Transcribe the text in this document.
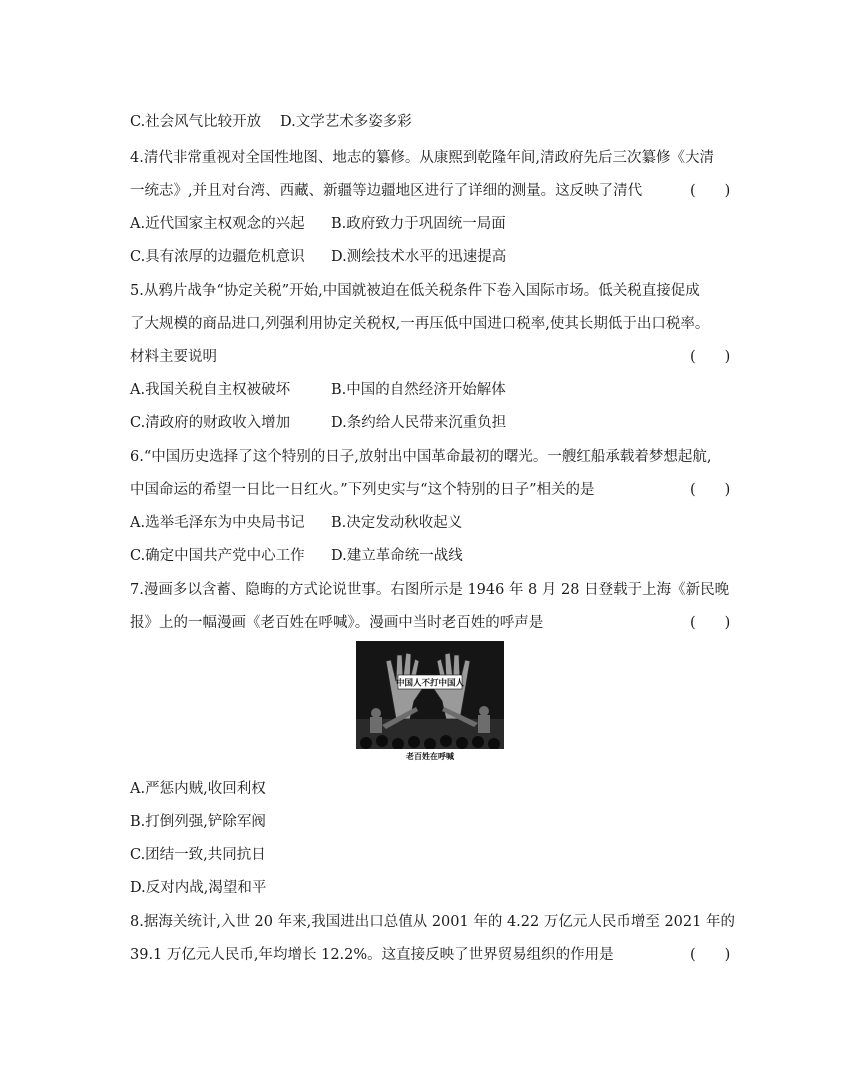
C.社会风气比较开放 D.文学艺术多姿多彩
4.清代非常重视对全国性地图、地志的纂修。从康熙到乾隆年间,清政府先后三次纂修《大清
一统志》,并且对台湾、西藏、新疆等边疆地区进行了详细的测量。这反映了清代	(　　)
A.近代国家主权观念的兴起 B.政府致力于巩固统一局面
C.具有浓厚的边疆危机意识 D.测绘技术水平的迅速提高
5.从鸦片战争“协定关税”开始,中国就被迫在低关税条件下卷入国际市场。低关税直接促成
了大规模的商品进口,列强利用协定关税权,一再压低中国进口税率,使其长期低于出口税率。
材料主要说明	(　　)
A.我国关税自主权被破坏	B.中国的自然经济开始解体
C.清政府的财政收入增加	D.条约给人民带来沉重负担
6.“中国历史选择了这个特别的日子,放射出中国革命最初的曙光。一艘红船承载着梦想起航,
中国命运的希望一日比一日红火。”下列史实与“这个特别的日子”相关的是	(　　)
A.选举毛泽东为中央局书记 B.决定发动秋收起义
C.确定中国共产党中心工作 D.建立革命统一战线
7.漫画多以含蓄、隐晦的方式论说世事。右图所示是 1946 年 8 月 28 日登载于上海《新民晚
报》上的一幅漫画《老百姓在呼喊》。漫画中当时老百姓的呼声是	(　　)
中国人不打中国人
老百姓在呼喊
A.严惩内贼,收回利权
B.打倒列强,铲除军阀
C.团结一致,共同抗日
D.反对内战,渴望和平
8.据海关统计,入世 20 年来,我国进出口总值从 2001 年的 4.22 万亿元人民币增至 2021 年的
39.1 万亿元人民币,年均增长 12.2%。这直接反映了世界贸易组织的作用是	(　　)
